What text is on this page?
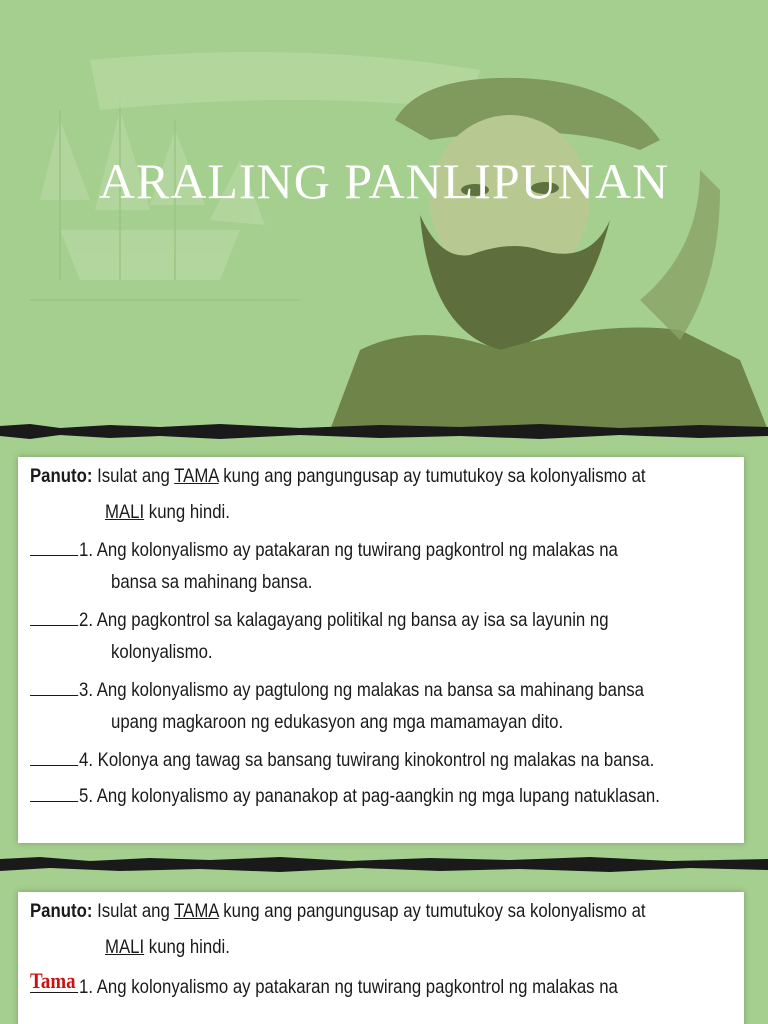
ARALING PANLIPUNAN
Panuto: Isulat ang TAMA kung ang pangungusap ay tumutukoy sa kolonyalismo at
MALI kung hindi.
1. Ang kolonyalismo ay patakaran ng tuwirang pagkontrol ng malakas na
bansa sa mahinang bansa.
2. Ang pagkontrol sa kalagayang politikal ng bansa ay isa sa layunin ng
kolonyalismo.
3. Ang kolonyalismo ay pagtulong ng malakas na bansa sa mahinang bansa
upang magkaroon ng edukasyon ang mga mamamayan dito.
4. Kolonya ang tawag sa bansang tuwirang kinokontrol ng malakas na bansa.
5. Ang kolonyalismo ay pananakop at pag-aangkin ng mga lupang natuklasan.
Panuto: Isulat ang TAMA kung ang pangungusap ay tumutukoy sa kolonyalismo at
MALI kung hindi.
Tama 1. Ang kolonyalismo ay patakaran ng tuwirang pagkontrol ng malakas na
